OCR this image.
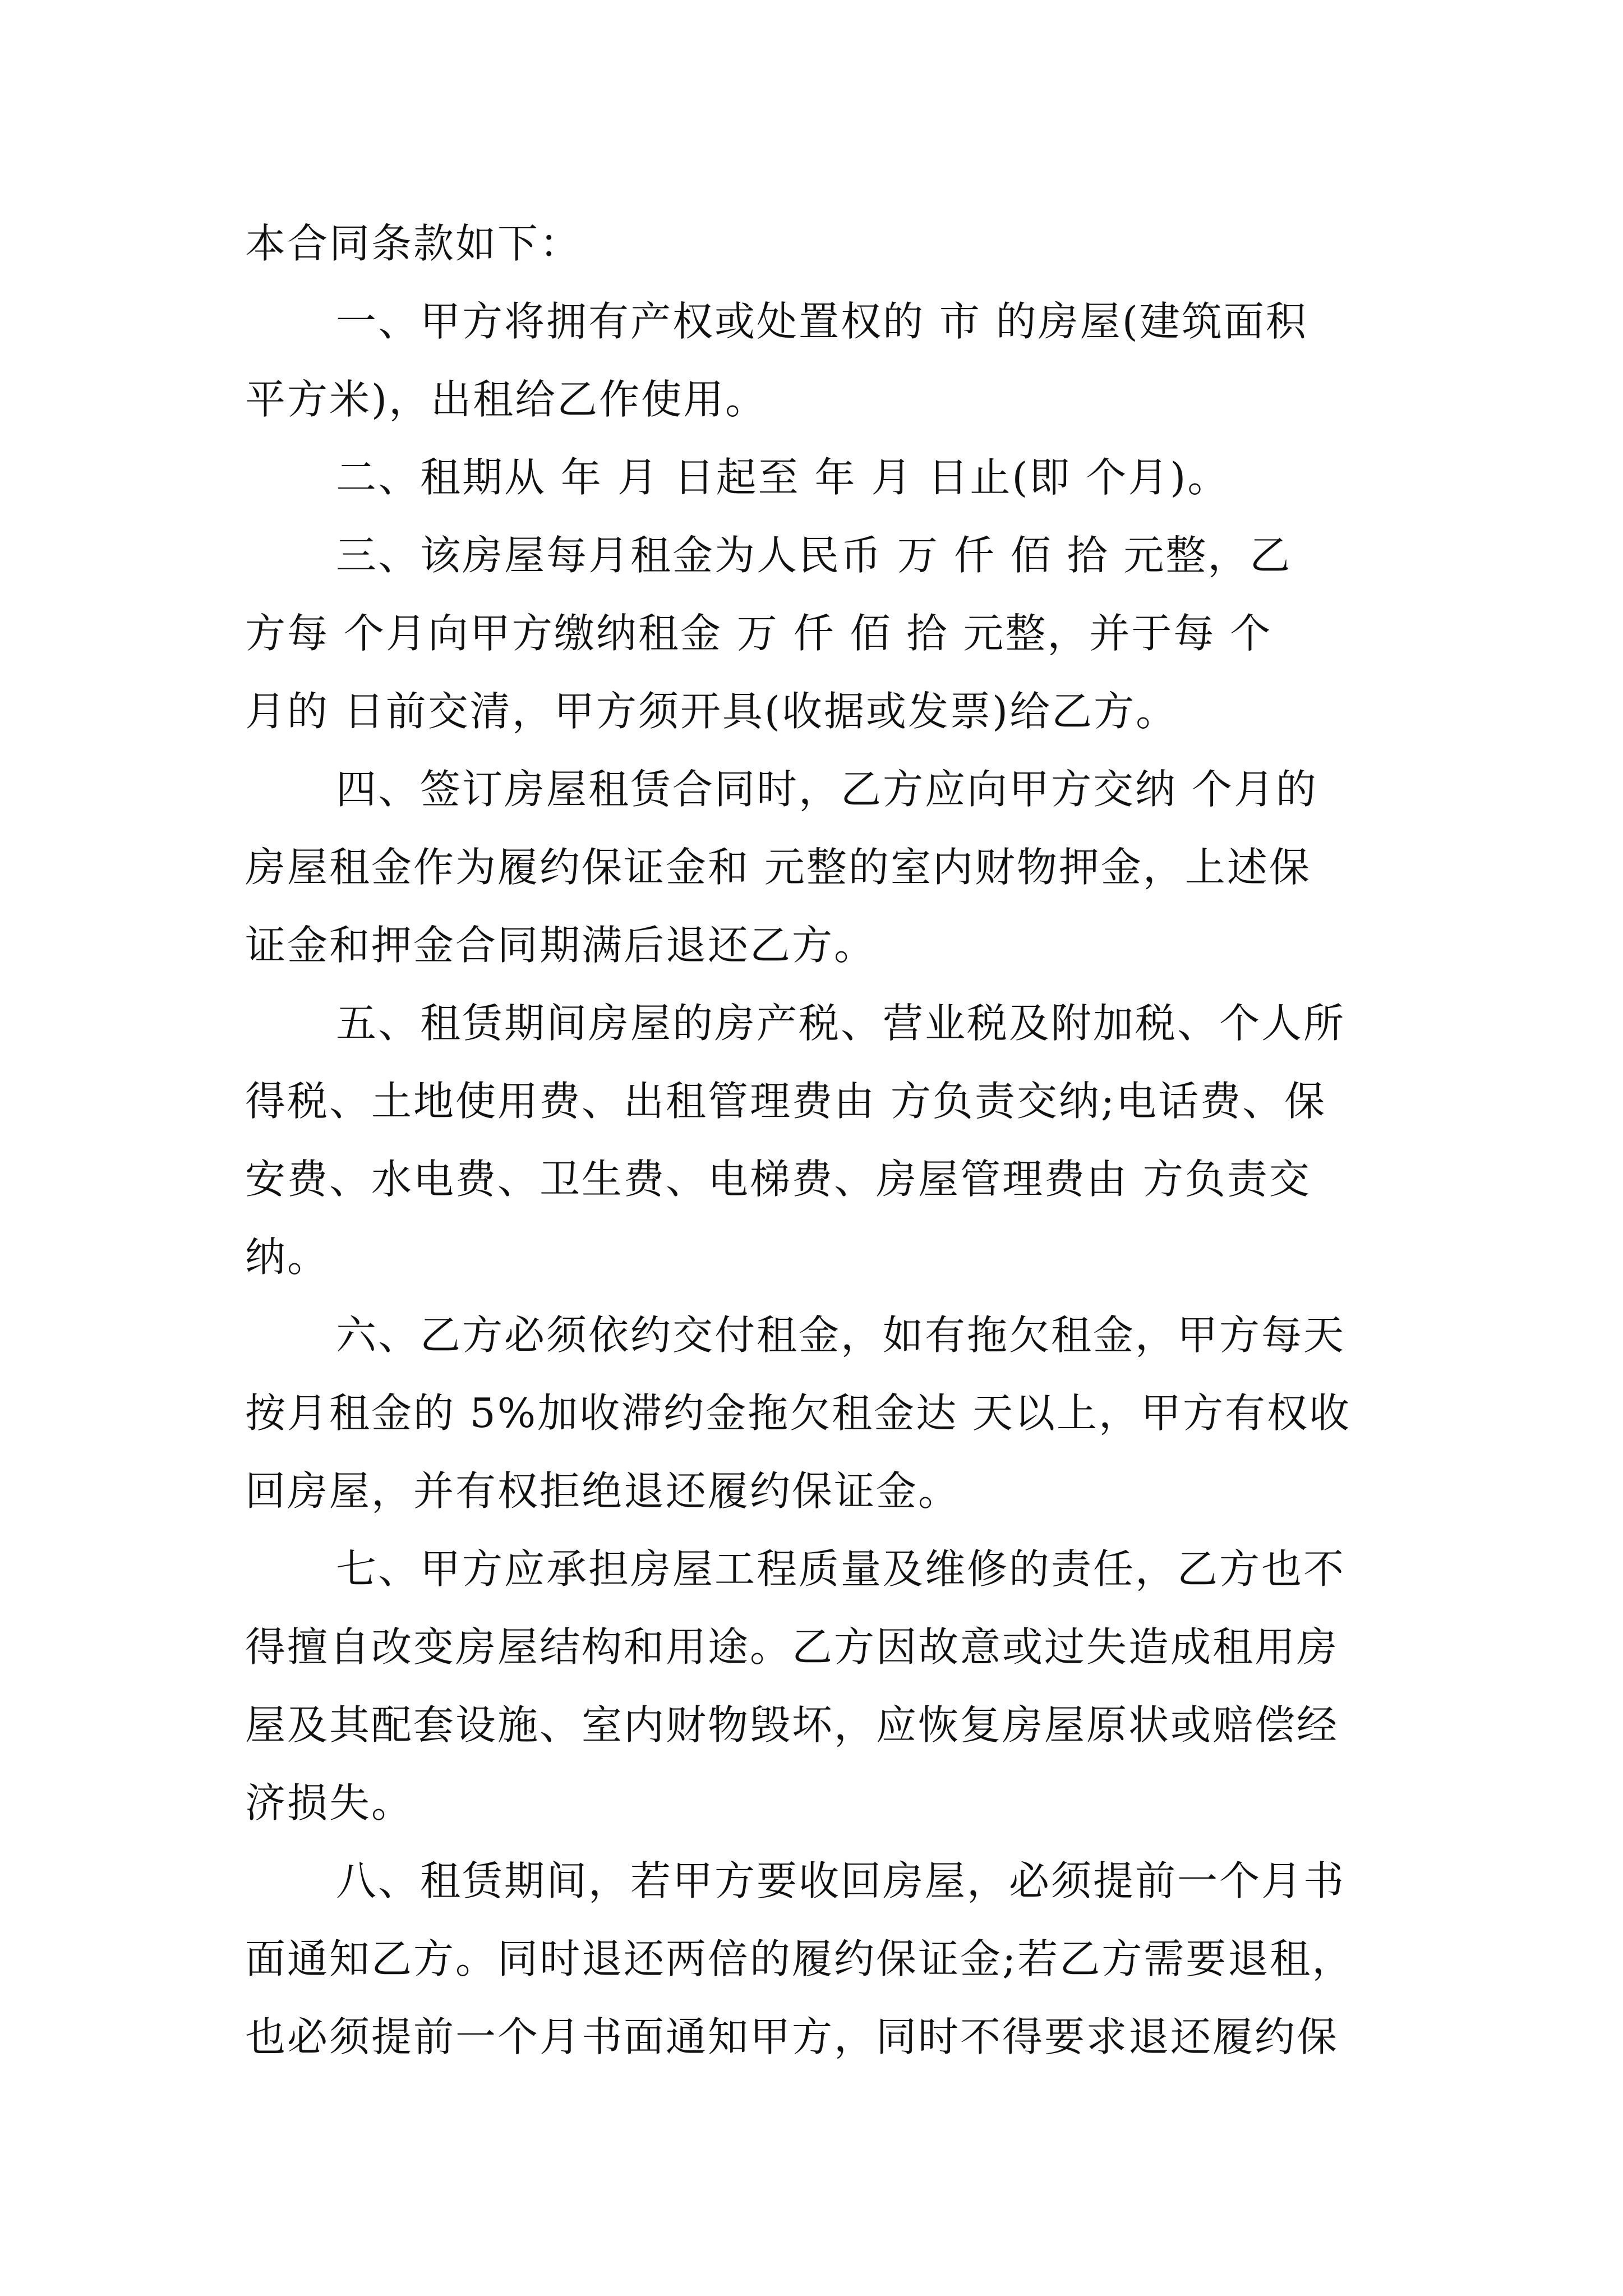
本合同条款如下：
一、甲方将拥有产权或处置权的 市 的房屋(建筑面积
平方米)，出租给乙作使用。
二、租期从 年 月 日起至 年 月 日止(即 个月)。
三、该房屋每月租金为人民币 万 仟 佰 拾 元整，乙
方每 个月向甲方缴纳租金 万 仟 佰 拾 元整，并于每 个
月的 日前交清，甲方须开具(收据或发票)给乙方。
四、签订房屋租赁合同时，乙方应向甲方交纳 个月的
房屋租金作为履约保证金和 元整的室内财物押金，上述保
证金和押金合同期满后退还乙方。
五、租赁期间房屋的房产税、营业税及附加税、个人所
得税、土地使用费、出租管理费由 方负责交纳;电话费、保
安费、水电费、卫生费、电梯费、房屋管理费由 方负责交
纳。
六、乙方必须依约交付租金，如有拖欠租金，甲方每天
按月租金的 5%加收滞约金拖欠租金达 天以上，甲方有权收
回房屋，并有权拒绝退还履约保证金。
七、甲方应承担房屋工程质量及维修的责任，乙方也不
得擅自改变房屋结构和用途。乙方因故意或过失造成租用房
屋及其配套设施、室内财物毁坏，应恢复房屋原状或赔偿经
济损失。
八、租赁期间，若甲方要收回房屋，必须提前一个月书
面通知乙方。同时退还两倍的履约保证金;若乙方需要退租，
也必须提前一个月书面通知甲方，同时不得要求退还履约保
